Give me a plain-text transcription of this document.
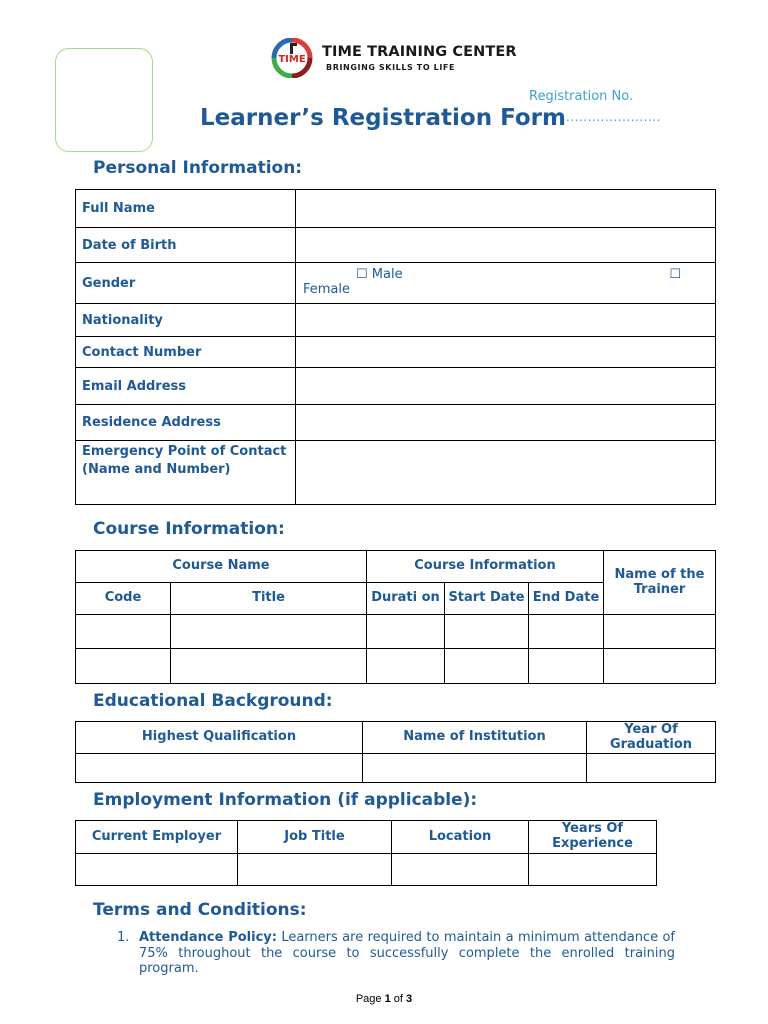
TIME TIME TRAINING CENTER
BRINGING SKILLS TO LIFE
Registration No.
......................
Learner’s Registration Form
Personal Information:
Full Name	
Date of Birth	
Gender	☐ Male ☐
Female

Nationality	
Contact Number	
Email Address	
Residence Address	
Emergency Point of Contact (Name and Number)	
Course Information:
Course Name		Course Information			Name of the Trainer
Code	Title	Durati on	Start Date	End Date	

Educational Background:
Highest Qualification	Name of Institution	Year Of Graduation

Employment Information (if applicable):
Current Employer	Job Title	Location	Years Of Experience

Terms and Conditions:
1. Attendance Policy: Learners are required to maintain a minimum attendance of 75% throughout the course to successfully complete the enrolled training program.
Page 1 of 3
